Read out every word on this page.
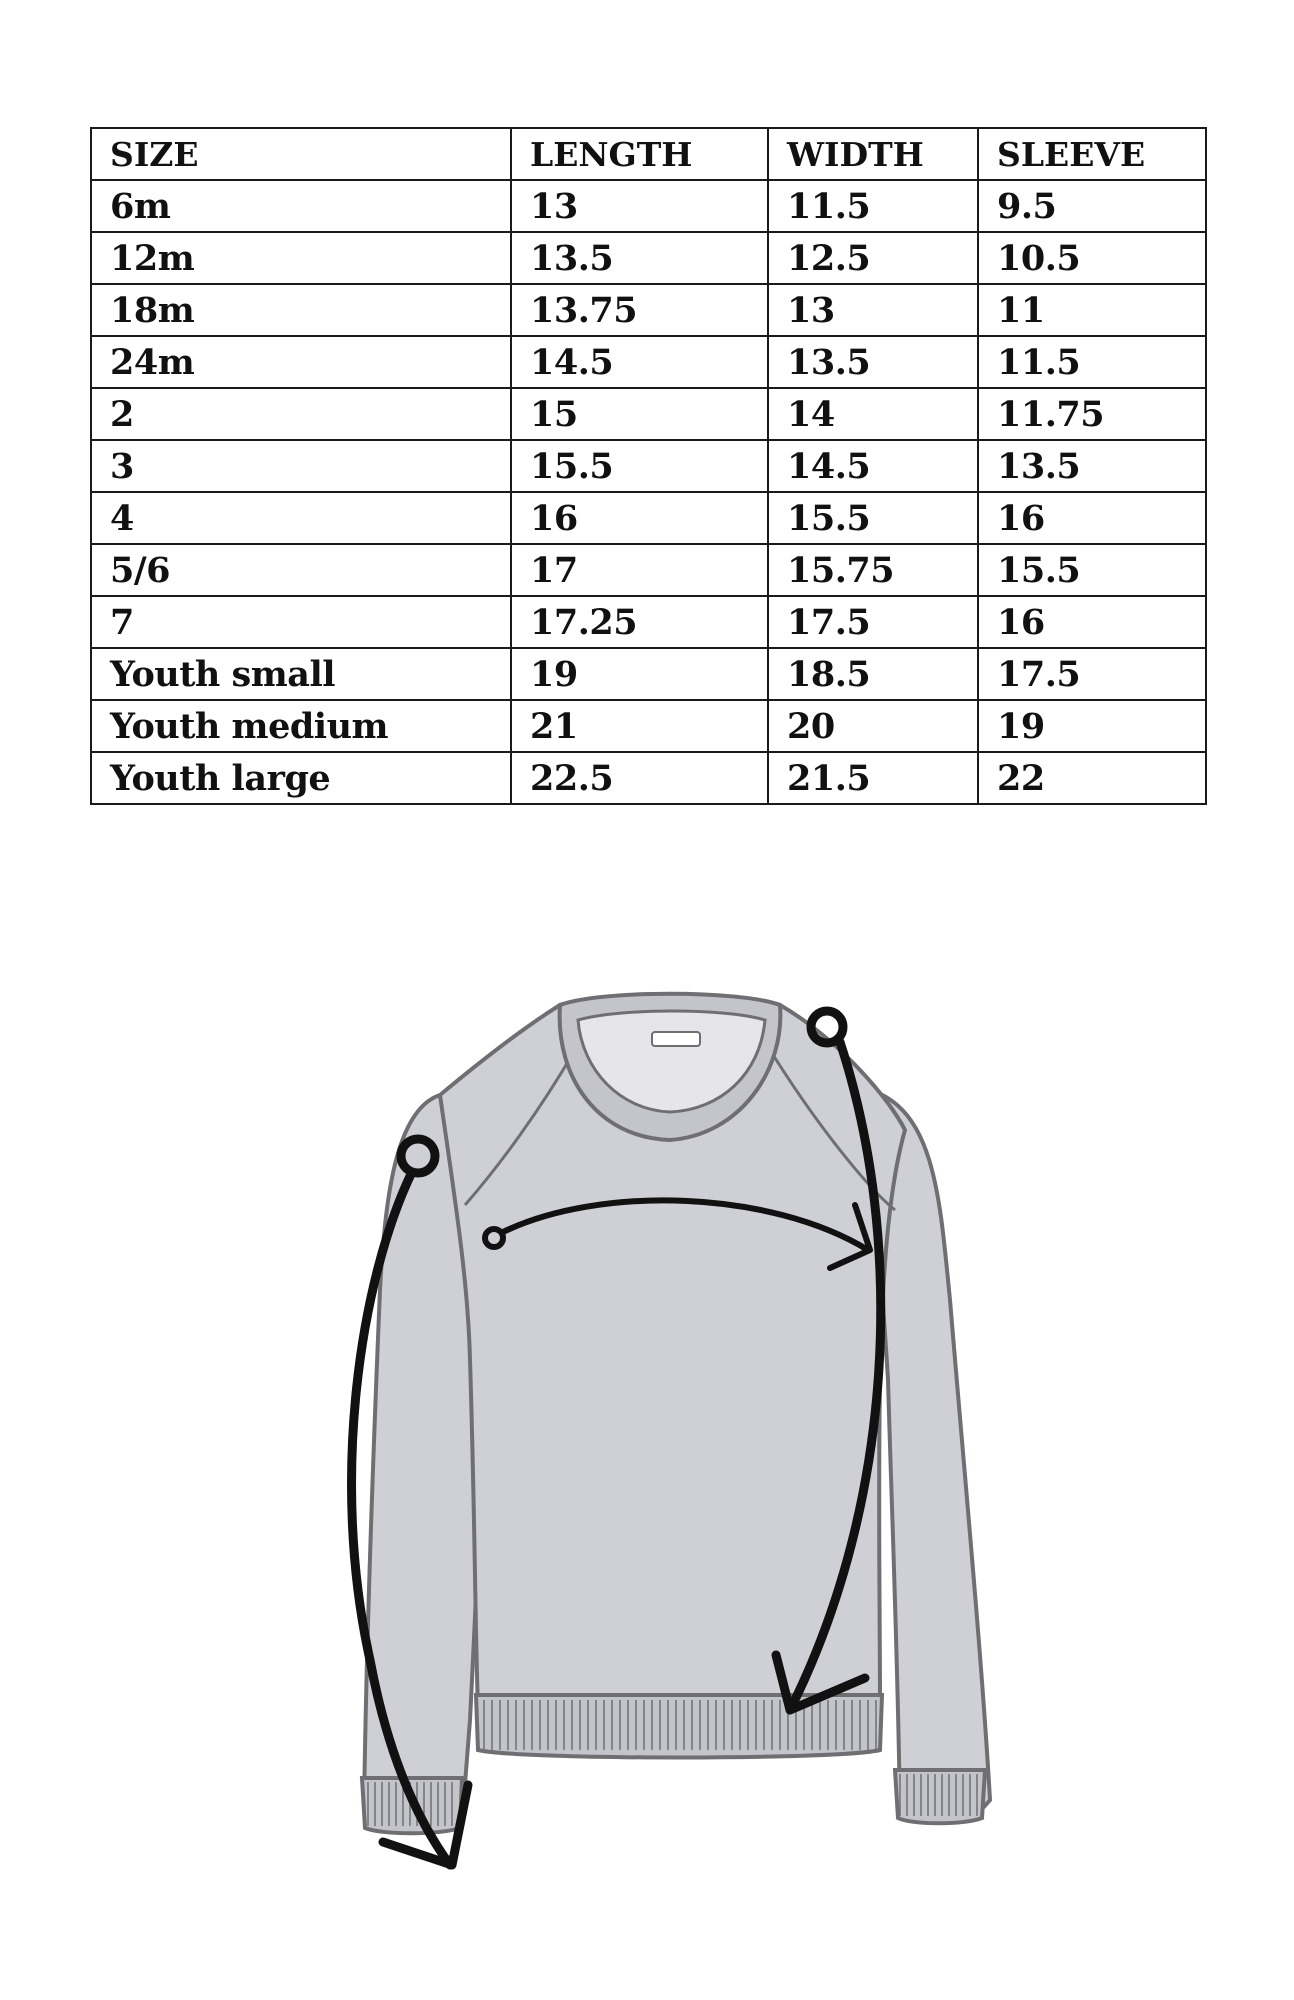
SIZE	LENGTH	WIDTH	SLEEVE
6m	13	11.5	9.5
12m	13.5	12.5	10.5
18m	13.75	13	11
24m	14.5	13.5	11.5
2	15	14	11.75
3	15.5	14.5	13.5
4	16	15.5	16
5/6	17	15.75	15.5
7	17.25	17.5	16
Youth small	19	18.5	17.5
Youth medium	21	20	19
Youth large	22.5	21.5	22
